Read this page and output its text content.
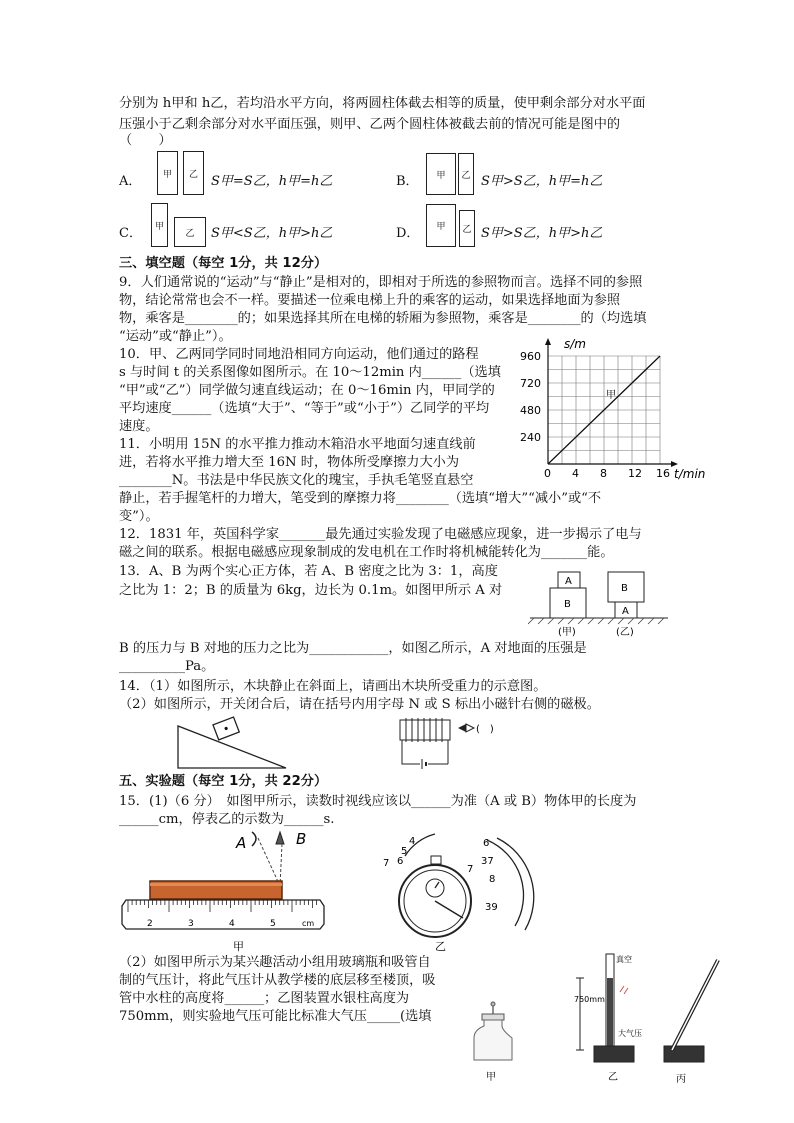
分别为 h甲和 h乙，若均沿水平方向，将两圆柱体截去相等的质量，使甲剩余部分对水平面
压强小于乙剩余部分对水平面压强，则甲、乙两个圆柱体被截去前的情况可能是图中的
（　　）
A．	甲	乙	S甲=S乙，h甲=h乙	B．	甲	乙 S甲>S乙，h甲=h乙
C．	甲
乙	S甲<S乙，h甲>h乙	D．	甲	乙 S甲>S乙，h甲>h乙
三、填空题（每空 1分，共 12分）
9．人们通常说的“运动”与“静止”是相对的，即相对于所选的参照物而言。选择不同的参照
物，结论常常也会不一样。要描述一位乘电梯上升的乘客的运动，如果选择地面为参照
物，乘客是________的；如果选择其所在电梯的轿厢为参照物，乘客是________的（均选填
“运动”或“静止”）。
10．甲、乙两同学同时同地沿相同方向运动，他们通过的路程
s 与时间 t 的关系图像如图所示。在 10～12min 内______（选填
“甲”或“乙”）同学做匀速直线运动；在 0～16min 内，甲同学的
平均速度______（选填“大于”、“等于”或“小于”）乙同学的平均
速度。
0 4 8 12 16
240
480
720
960
s/m
t/min
甲
11．小明用 15N 的水平推力推动木箱沿水平地面匀速直线前
进，若将水平推力增大至 16N 时，物体所受摩擦力大小为
________N。书法是中华民族文化的瑰宝，手执毛笔竖直悬空
静止，若手握笔杆的力增大，笔受到的摩擦力将________（选填“增大”“减小”或“不
变”）。
12．1831 年，英国科学家_______最先通过实验发现了电磁感应现象，进一步揭示了电与
磁之间的联系。根据电磁感应现象制成的发电机在工作时将机械能转化为_______能。
13．A、B 为两个实心正方体，若 A、B 密度之比为 3：1，高度
之比为 1：2；B 的质量为 6kg，边长为 0.1m。如图甲所示 A 对
B 的压力与 B 对地的压力之比为____________，如图乙所示，A 对地面的压强是
__________Pa。
A
B
B
A
(甲)	(乙)
14．（1）如图所示，木块静止在斜面上，请画出木块所受重力的示意图。
（2）如图所示，开关闭合后，请在括号内用字母 N 或 S 标出小磁针右侧的磁极。
(　)
五、实验题（每空 1分，共 22分）
15．(1)（6 分）　如图甲所示，读数时视线应该以______为准（A 或 B）物体甲的长度为
______cm，停表乙的示数为______s.
A	B
2	3	4	5	cm
甲
4
5
6
7
6
37
7
8
39
乙
（2）如图甲所示为某兴趣活动小组用玻璃瓶和吸管自
制的气压计，将此气压计从教学楼的底层移至楼顶，吸
管中水柱的高度将______；乙图装置水银柱高度为
750mm，则实验地气压可能比标准大气压_____(选填
甲
真空
750mm
大气压
乙	丙
